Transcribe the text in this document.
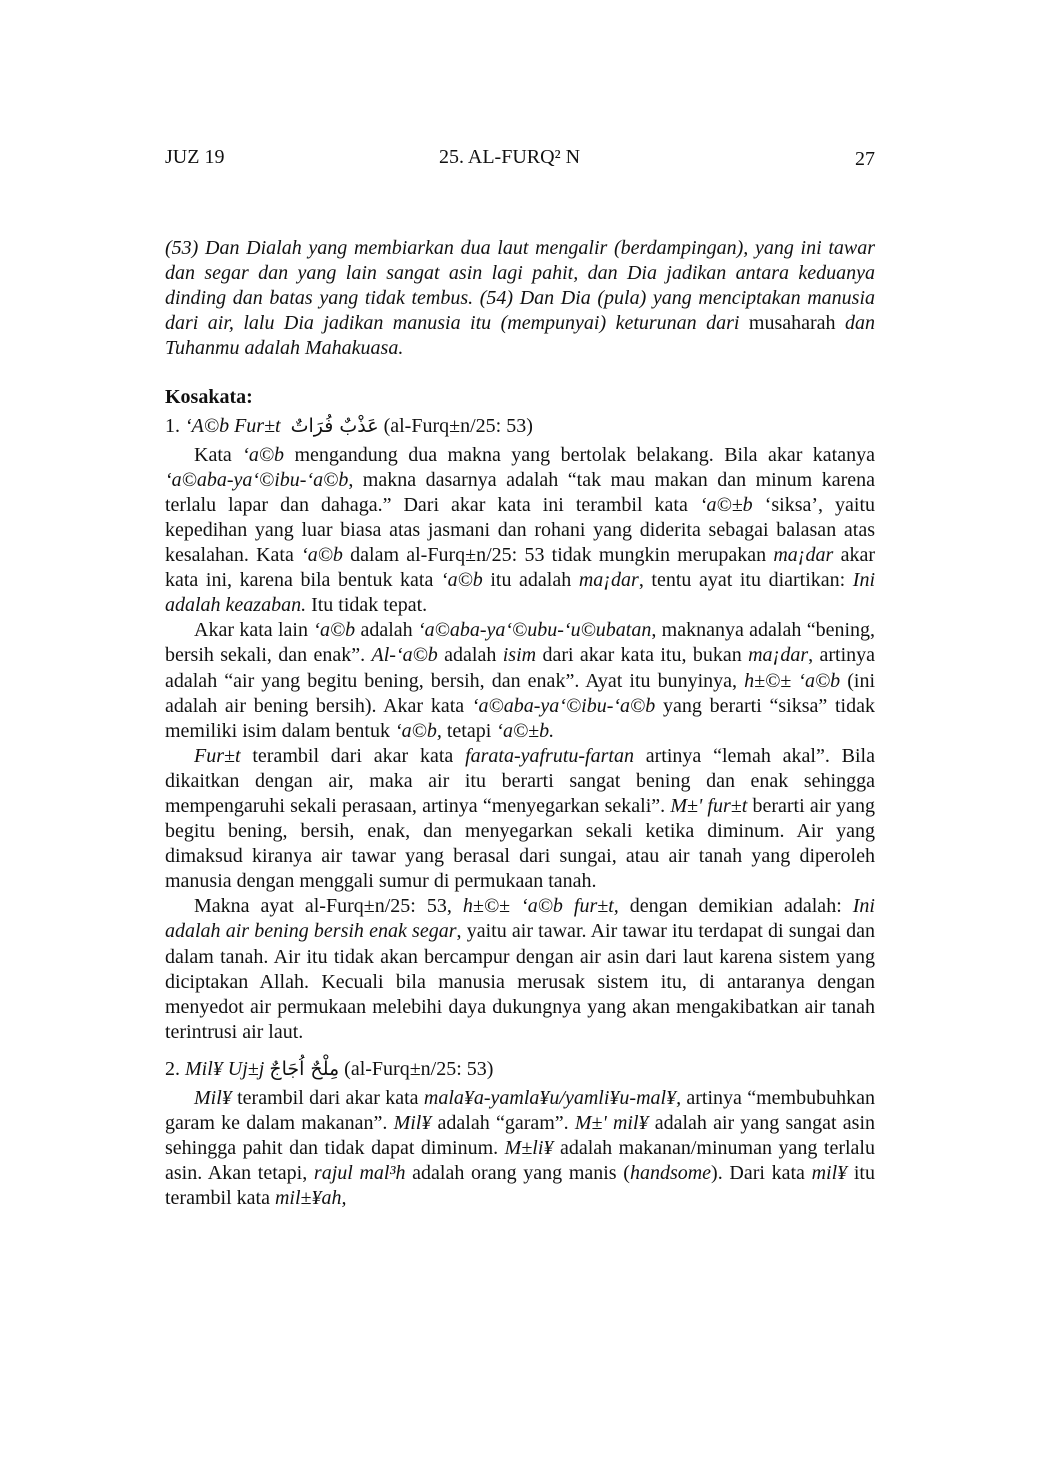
JUZ 19	25. AL-FURQ² N	27
(53) Dan Dialah yang membiarkan dua laut mengalir (berdampingan), yang ini tawar dan segar dan yang lain sangat asin lagi pahit, dan Dia jadikan antara keduanya dinding dan batas yang tidak tembus. (54) Dan Dia (pula) yang menciptakan manusia dari air, lalu Dia jadikan manusia itu (mempunyai) keturunan dari musaharah dan Tuhanmu adalah Mahakuasa.
Kosakata:
1. ‘A©b Fur±t عَذْبٌ فُرَاتٌ (al-Furq±n/25: 53)
Kata ‘a©b mengandung dua makna yang bertolak belakang. Bila akar katanya ‘a©aba-ya‘©ibu-‘a©b, makna dasarnya adalah “tak mau makan dan minum karena terlalu lapar dan dahaga.” Dari akar kata ini terambil kata ‘a©±b ‘siksa’, yaitu kepedihan yang luar biasa atas jasmani dan rohani yang diderita sebagai balasan atas kesalahan. Kata ‘a©b dalam al-Furq±n/25: 53 tidak mungkin merupakan ma¡dar akar kata ini, karena bila bentuk kata ‘a©b itu adalah ma¡dar, tentu ayat itu diartikan: Ini adalah keazaban. Itu tidak tepat.
Akar kata lain ‘a©b adalah ‘a©aba-ya‘©ubu-‘u©ubatan, maknanya adalah “bening, bersih sekali, dan enak”. Al-‘a©b adalah isim dari akar kata itu, bukan ma¡dar, artinya adalah “air yang begitu bening, bersih, dan enak”. Ayat itu bunyinya, h±©± ‘a©b (ini adalah air bening bersih). Akar kata ‘a©aba-ya‘©ibu-‘a©b yang berarti “siksa” tidak memiliki isim dalam bentuk ‘a©b, tetapi ‘a©±b.
Fur±t terambil dari akar kata farata-yafrutu-fartan artinya “lemah akal”. Bila dikaitkan dengan air, maka air itu berarti sangat bening dan enak sehingga mempengaruhi sekali perasaan, artinya “menyegarkan sekali”. M±' fur±t berarti air yang begitu bening, bersih, enak, dan menyegarkan sekali ketika diminum. Air yang dimaksud kiranya air tawar yang berasal dari sungai, atau air tanah yang diperoleh manusia dengan menggali sumur di permukaan tanah.
Makna ayat al-Furq±n/25: 53, h±©± ‘a©b fur±t, dengan demikian adalah: Ini adalah air bening bersih enak segar, yaitu air tawar. Air tawar itu terdapat di sungai dan dalam tanah. Air itu tidak akan bercampur dengan air asin dari laut karena sistem yang diciptakan Allah. Kecuali bila manusia merusak sistem itu, di antaranya dengan menyedot air permukaan melebihi daya dukungnya yang akan mengakibatkan air tanah terintrusi air laut.
2. Mil¥ Uj±j مِلْحٌ اُجَاجٌ (al-Furq±n/25: 53)
Mil¥ terambil dari akar kata mala¥a-yamla¥u/yamli¥u-mal¥, artinya “membubuhkan garam ke dalam makanan”. Mil¥ adalah “garam”. M±' mil¥ adalah air yang sangat asin sehingga pahit dan tidak dapat diminum. M±li¥ adalah makanan/minuman yang terlalu asin. Akan tetapi, rajul mal³h adalah orang yang manis (handsome). Dari kata mil¥ itu terambil kata mil±¥ah,
